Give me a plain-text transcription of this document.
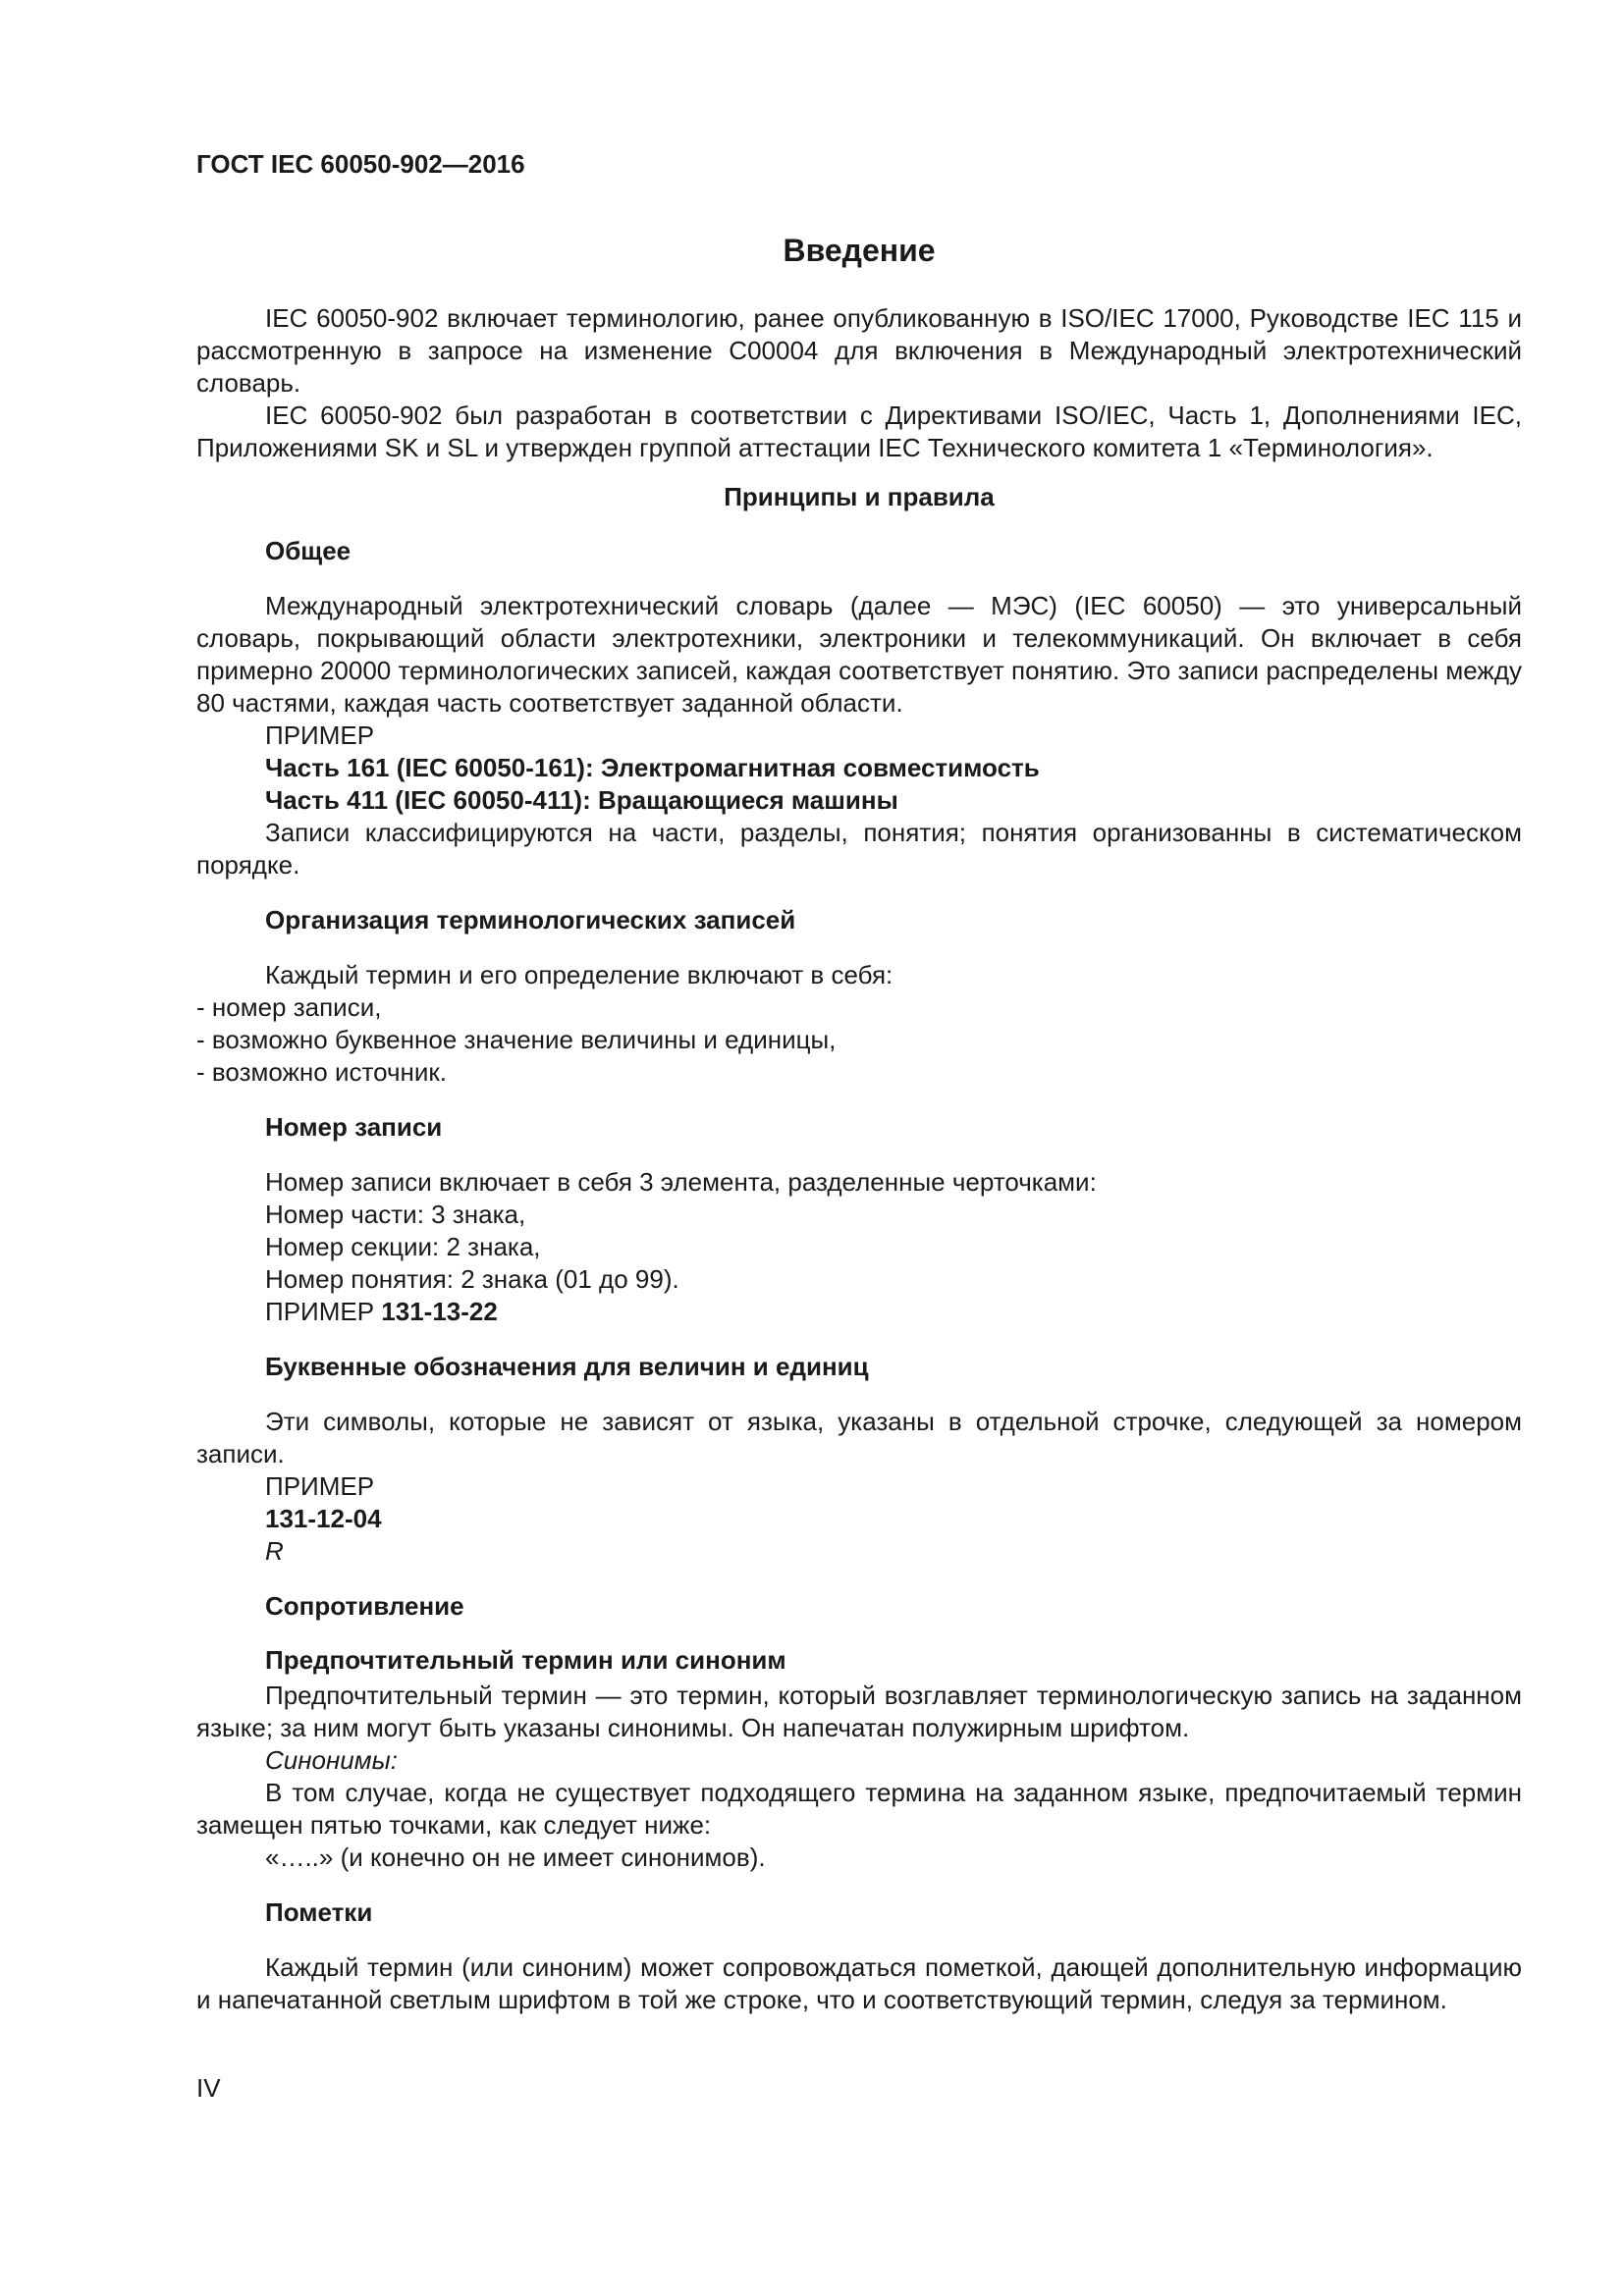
ГОСТ IEC 60050-902—2016
Введение

IEC 60050-902 включает терминологию, ранее опубликованную в ISO/IEC 17000, Руководстве IEC 115 и рассмотренную в запросе на изменение С00004 для включения в Международный электротехнический словарь.

IEC 60050-902 был разработан в соответствии с Директивами ISO/IEC, Часть 1, Дополнениями IEC, Приложениями SK и SL и утвержден группой аттестации IEC Технического комитета 1 «Терминология».

Принципы и правила
Общее

Международный электротехнический словарь (далее — МЭС) (IEC 60050) — это универсальный словарь, покрывающий области электротехники, электроники и телекоммуникаций. Он включает в себя примерно 20000 терминологических записей, каждая соответствует понятию. Это записи распределены между 80 частями, каждая часть соответствует заданной области.

ПРИМЕР

Часть 161 (IEC 60050-161): Электромагнитная совместимость

Часть 411 (IEC 60050-411): Вращающиеся машины

Записи классифицируются на части, разделы, понятия; понятия организованны в систематическом порядке.

Организация терминологических записей

Каждый термин и его определение включают в себя:

- номер записи,
- возможно буквенное значение величины и единицы,
- возможно источник.
Номер записи

Номер записи включает в себя 3 элемента, разделенные черточками:

Номер части: 3 знака,

Номер секции: 2 знака,

Номер понятия: 2 знака (01 до 99).

ПРИМЕР 131-13-22

Буквенные обозначения для величин и единиц

Эти символы, которые не зависят от языка, указаны в отдельной строчке, следующей за номером записи.

ПРИМЕР

131-12-04

R

Сопротивление
Предпочтительный термин или синоним

Предпочтительный термин — это термин, который возглавляет терминологическую запись на заданном языке; за ним могут быть указаны синонимы. Он напечатан полужирным шрифтом.

Синонимы:

В том случае, когда не существует подходящего термина на заданном языке, предпочитаемый термин замещен пятью точками, как следует ниже:

«…..» (и конечно он не имеет синонимов).

Пометки

Каждый термин (или синоним) может сопровождаться пометкой, дающей дополнительную информацию и напечатанной светлым шрифтом в той же строке, что и соответствующий термин, следуя за термином.

IV
